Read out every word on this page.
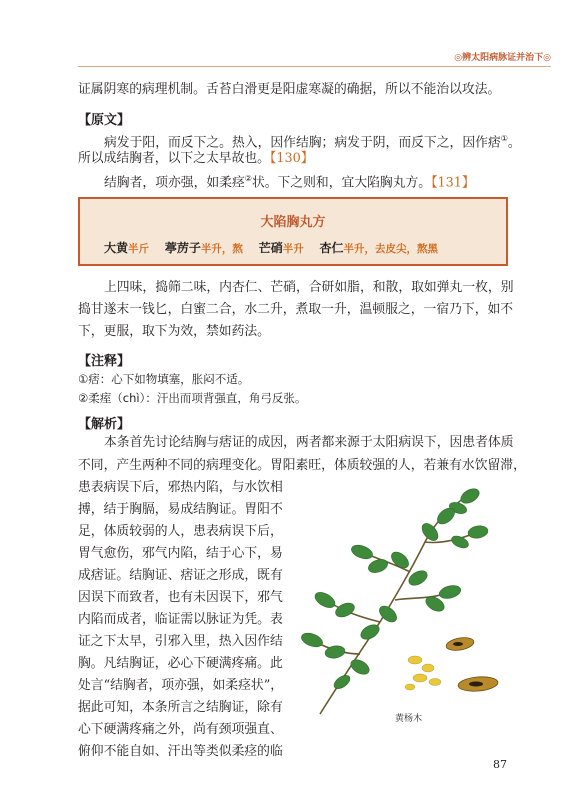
◎辨太阳病脉证并治下◎
证属阴寒的病理机制。舌苔白滑更是阳虚寒凝的确据，所以不能治以攻法。
【原文】
病发于阳，而反下之。热入，因作结胸；病发于阴，而反下之，因作痞①。
所以成结胸者，以下之太早故也。【130】
结胸者，项亦强，如柔痉②状。下之则和，宜大陷胸丸方。【131】
大陷胸丸方
大黄半斤 葶苈子半升，熬 芒硝半升 杏仁半升，去皮尖，熬黑
上四味，捣筛二味，内杏仁、芒硝，合研如脂，和散，取如弹丸一枚，别
捣甘遂末一钱匕，白蜜二合，水二升，煮取一升，温顿服之，一宿乃下，如不
下，更服，取下为效，禁如药法。
【注释】
①痞：心下如物填塞，胀闷不适。
②柔痓（chì）：汗出而项背强直，角弓反张。
【解析】
本条首先讨论结胸与痞证的成因，两者都来源于太阳病误下，因患者体质
不同，产生两种不同的病理变化。胃阳素旺，体质较强的人，若兼有水饮留滞，
患表病误下后，邪热内陷，与水饮相
搏，结于胸膈，易成结胸证。胃阳不
足，体质较弱的人，患表病误下后，
胃气愈伤，邪气内陷，结于心下，易
成痞证。结胸证、痞证之形成，既有
因误下而致者，也有未因误下，邪气
内陷而成者，临证需以脉证为凭。表
证之下太早，引邪入里，热入因作结
胸。凡结胸证，必心下硬满疼痛。此
处言“结胸者，项亦强，如柔痉状”，
据此可知，本条所言之结胸证，除有
心下硬满疼痛之外，尚有颈项强直、
俯仰不能自如、汗出等类似柔痉的临
黄杨木
87
